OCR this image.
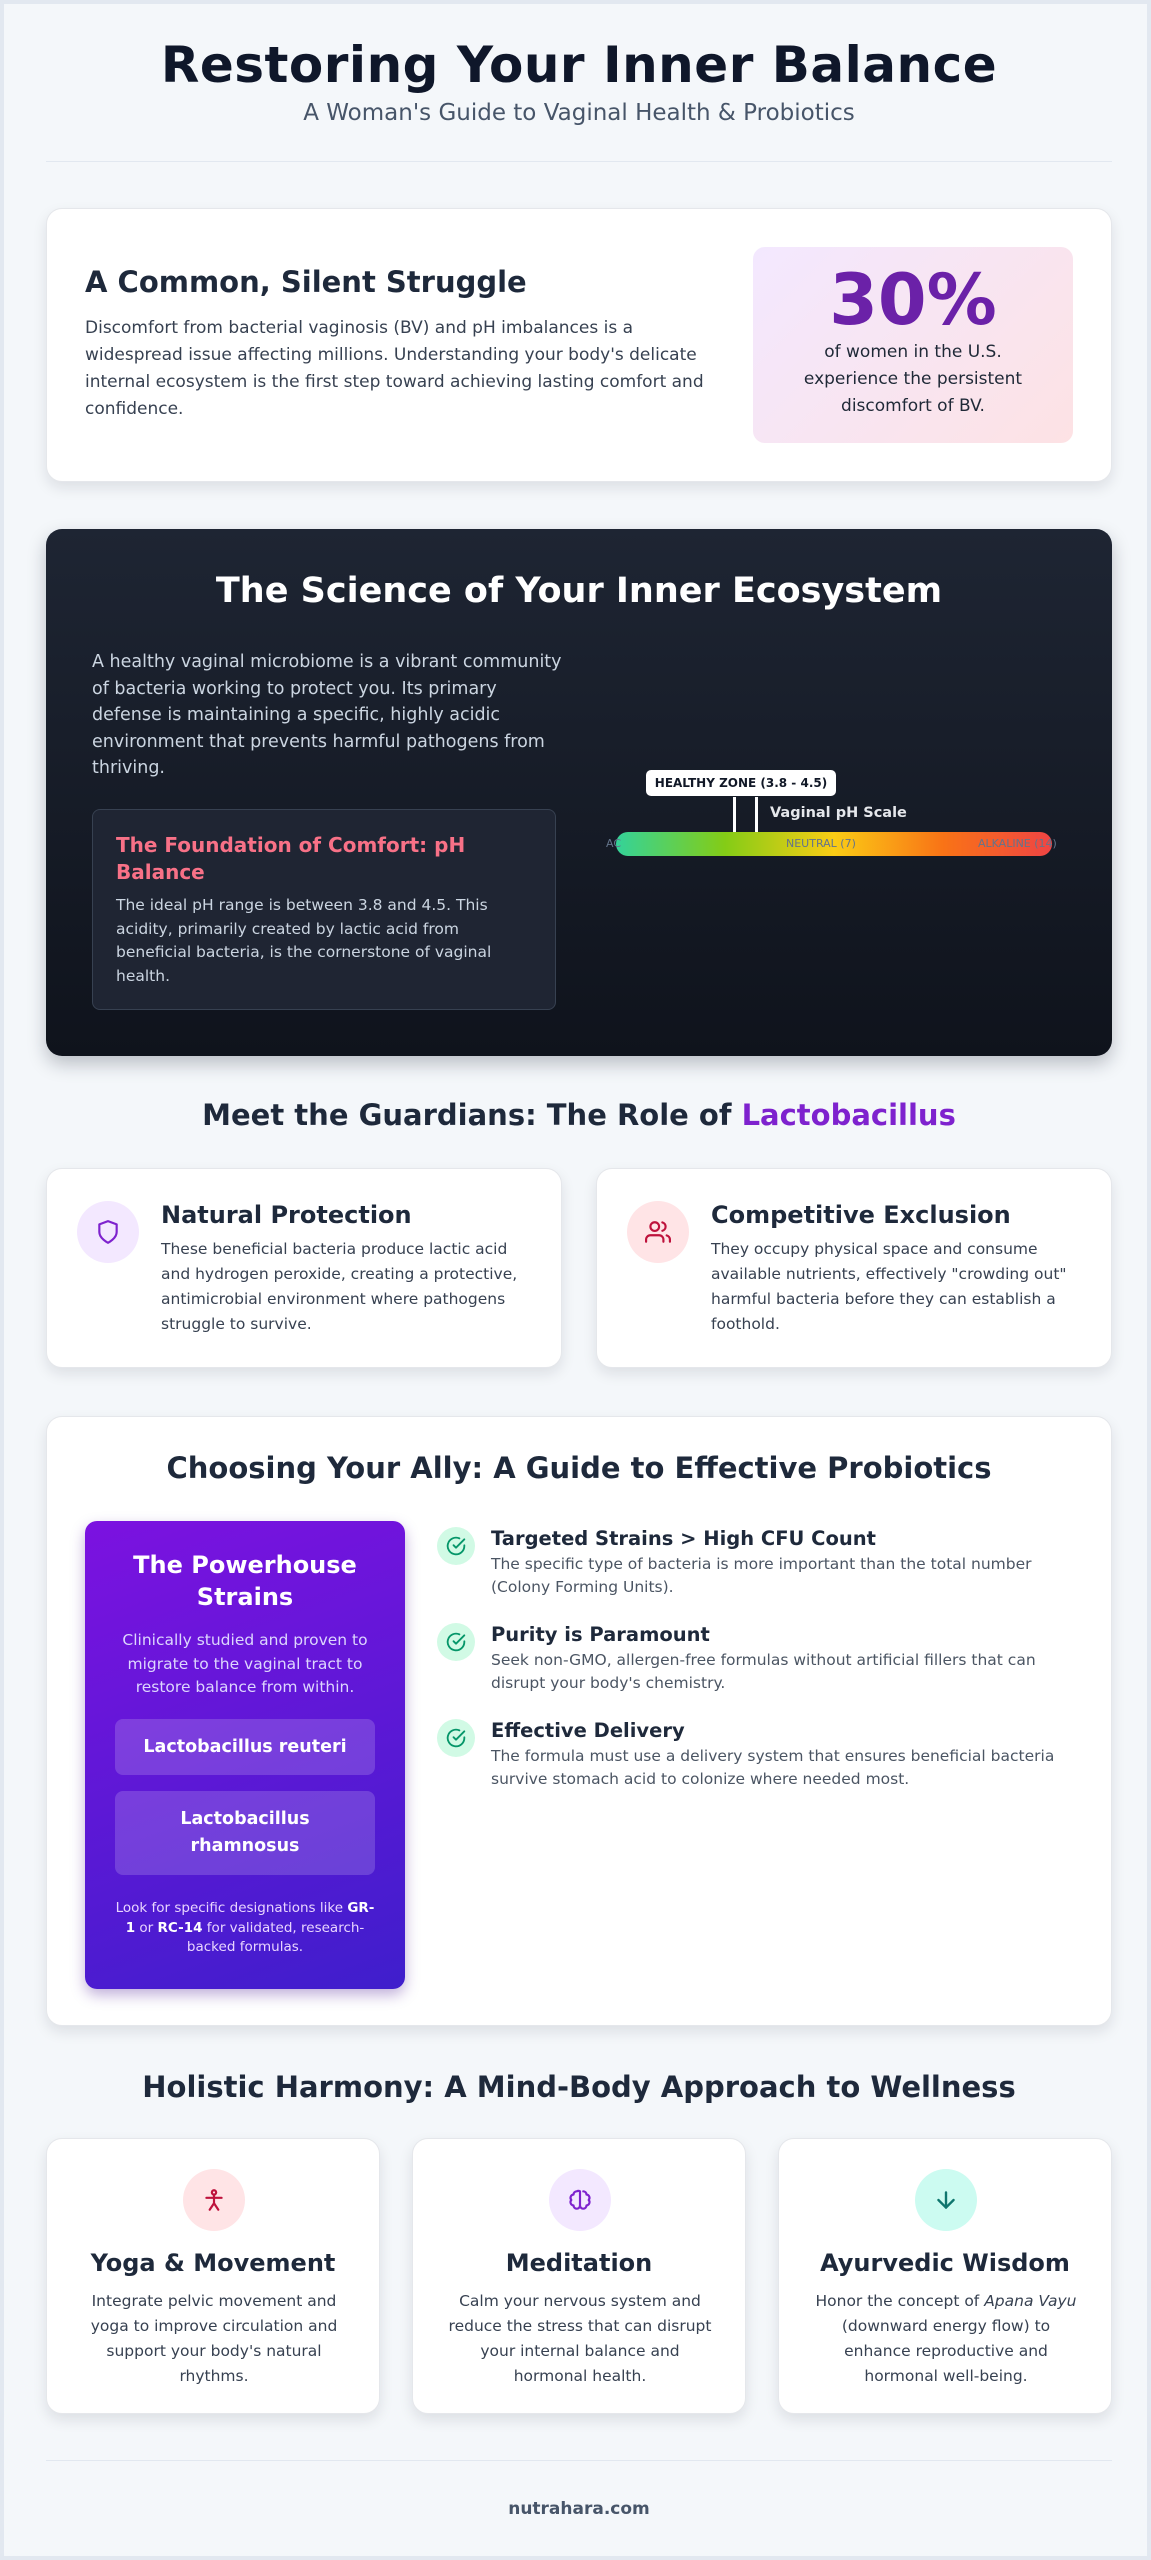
Restoring Your Inner Balance
A Woman's Guide to Vaginal Health & Probiotics
A Common, Silent Struggle

Discomfort from bacterial vaginosis (BV) and pH imbalances is a widespread issue affecting millions. Understanding your body's delicate internal ecosystem is the first step toward achieving lasting comfort and confidence.

30%
of women in the U.S. experience the persistent discomfort of BV.
The Science of Your Inner Ecosystem

A healthy vaginal microbiome is a vibrant community of bacteria working to protect you. Its primary defense is maintaining a specific, highly acidic environment that prevents harmful pathogens from thriving.

The Foundation of Comfort: pH Balance

The ideal pH range is between 3.8 and 4.5. This acidity, primarily created by lactic acid from beneficial bacteria, is the cornerstone of vaginal health.

HEALTHY ZONE (3.8 - 4.5)
Vaginal pH Scale
AC	NEUTRAL (7)	ALKALINE (14)
Meet the Guardians: The Role of Lactobacillus
Natural Protection

These beneficial bacteria produce lactic acid and hydrogen peroxide, creating a protective, antimicrobial environment where pathogens struggle to survive.

Competitive Exclusion

They occupy physical space and consume available nutrients, effectively "crowding out" harmful bacteria before they can establish a foothold.

Choosing Your Ally: A Guide to Effective Probiotics
The Powerhouse Strains
Clinically studied and proven to migrate to the vaginal tract to restore balance from within.
Lactobacillus reuteri
Lactobacillus
rhamnosus
Look for specific designations like GR-1 or RC-14 for validated, research-backed formulas.
Targeted Strains > High CFU Count

The specific type of bacteria is more important than the total number (Colony Forming Units).

Purity is Paramount

Seek non-GMO, allergen-free formulas without artificial fillers that can disrupt your body's chemistry.

Effective Delivery

The formula must use a delivery system that ensures beneficial bacteria survive stomach acid to colonize where needed most.

Holistic Harmony: A Mind-Body Approach to Wellness
Yoga & Movement

Integrate pelvic movement and yoga to improve circulation and support your body's natural rhythms.

Meditation

Calm your nervous system and reduce the stress that can disrupt your internal balance and hormonal health.

Ayurvedic Wisdom

Honor the concept of Apana Vayu (downward energy flow) to enhance reproductive and hormonal well-being.

nutrahara.com
